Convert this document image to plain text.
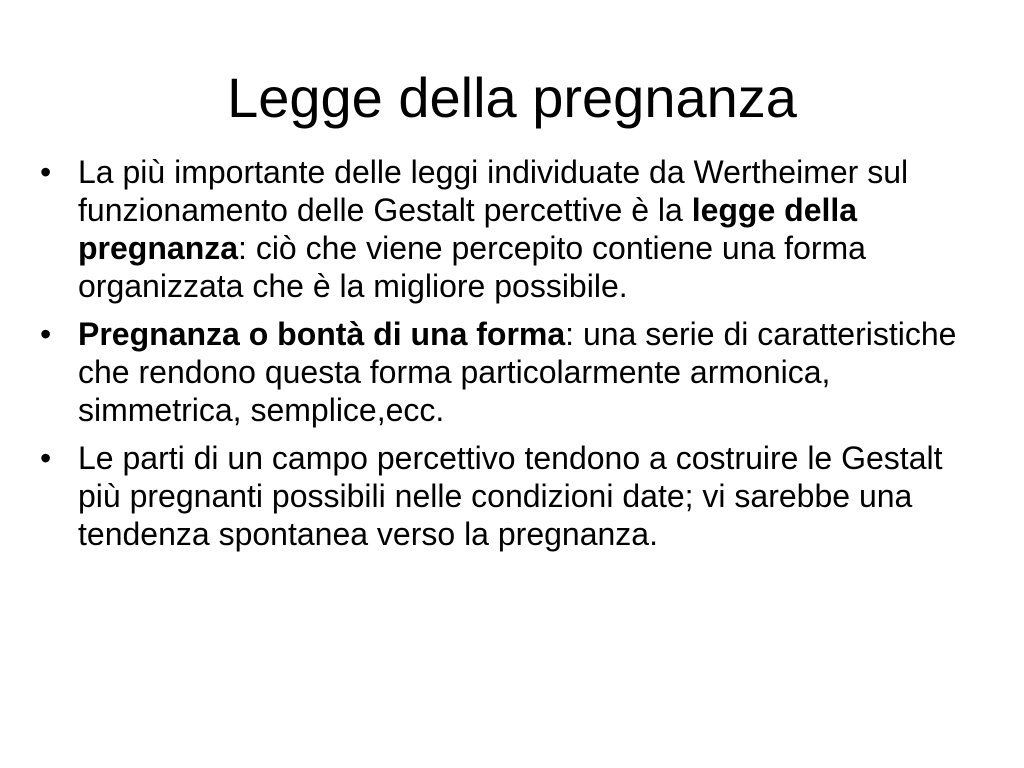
Legge della pregnanza
• La più importante delle leggi individuate da Wertheimer sul funzionamento delle Gestalt percettive è la legge della pregnanza: ciò che viene percepito contiene una forma organizzata che è la migliore possibile.
• Pregnanza o bontà di una forma: una serie di caratteristiche che rendono questa forma particolarmente armonica, simmetrica, semplice,ecc.
• Le parti di un campo percettivo tendono a costruire le Gestalt più pregnanti possibili nelle condizioni date; vi sarebbe una tendenza spontanea verso la pregnanza.
